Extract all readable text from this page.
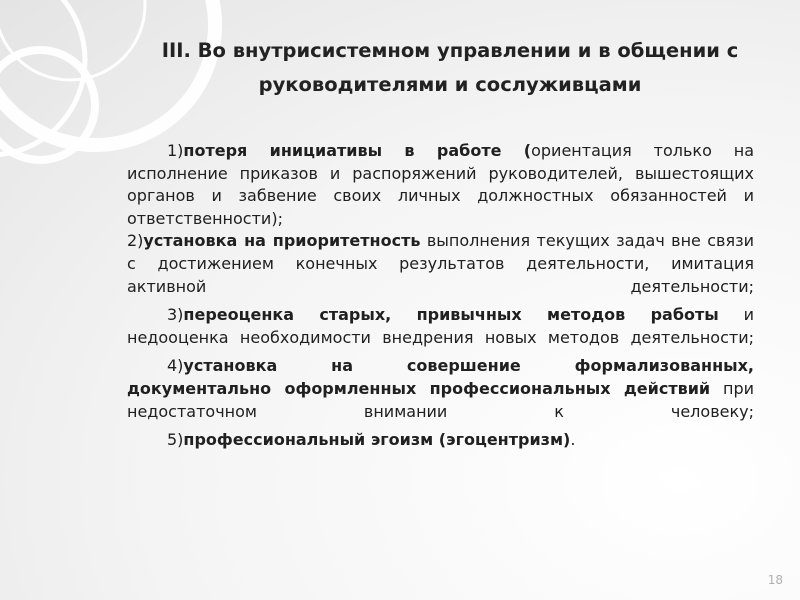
III. Во внутрисистемном управлении и в общении с руководителями и сослуживцами

1)потеря инициативы в работе (ориентация только на исполнение приказов и распоряжений руководителей, вышестоящих органов и забвение своих личных должностных обязанностей и ответственности);

2)установка на приоритетность выполнения текущих задач вне связи с достижением конечных результатов деятельности, имитация активной деятельности;

3)переоценка старых, привычных методов работы и недооценка необходимости внедрения новых методов деятельности;

4)установка на совершение формализованных, документально оформленных профессиональных действий при недостаточном внимании к человеку;

5)профессиональный эгоизм (эгоцентризм).

18
